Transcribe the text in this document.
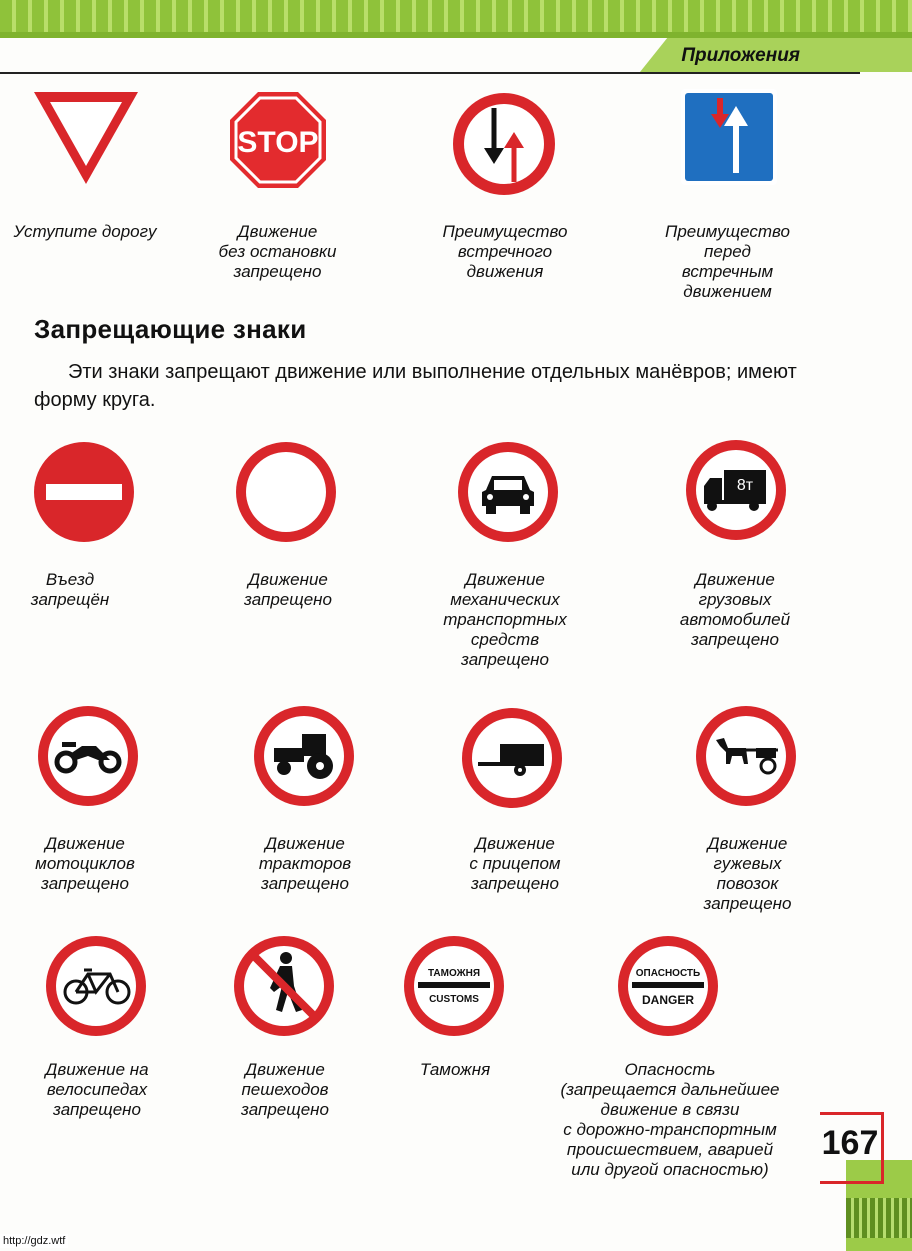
Приложения
Уступите дорогу
STOP
Движение
без остановки
запрещено
Преимущество
встречного
движения
Преимущество
перед
встречным
движением
Запрещающие знаки
Эти знаки запрещают движение или выполнение отдельных манёвров; имеют форму круга.
Въезд
запрещён
Движение
запрещено
Движение
механических
транспортных
средств
запрещено
8т
Движение
грузовых
автомобилей
запрещено
Движение
мотоциклов
запрещено
Движение
тракторов
запрещено
Движение
с прицепом
запрещено
Движение
гужевых
повозок
запрещено
Движение на
велосипедах
запрещено
Движение
пешеходов
запрещено
ТАМОЖНЯ
CUSTOMS
Таможня
ОПАСНОСТЬ
DANGER
Опасность
(запрещается дальнейшее
движение в связи
с дорожно-транспортным
происшествием, аварией
или другой опасностью)
167
http://gdz.wtf
